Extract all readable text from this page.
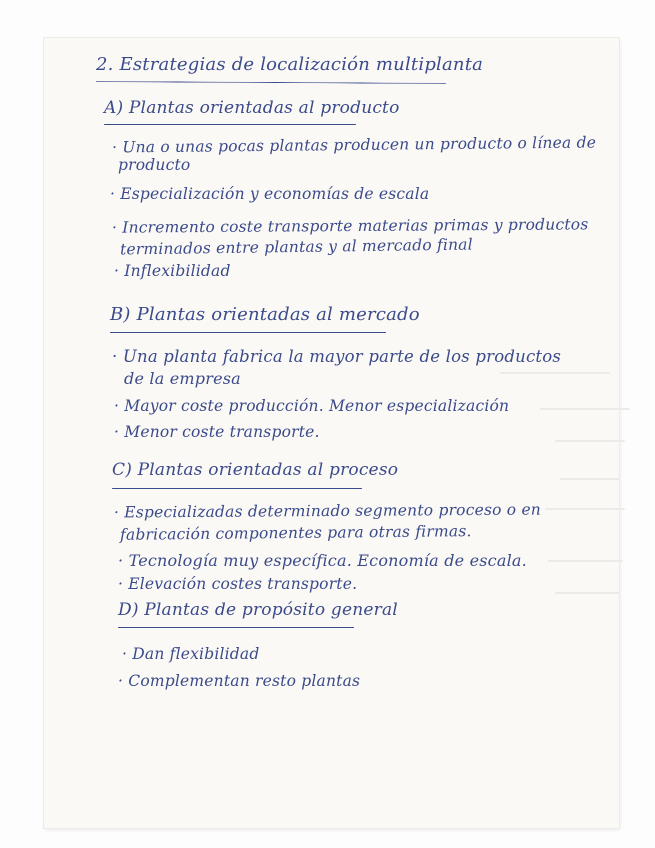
2. Estrategias de localización multiplanta
A) Plantas orientadas al producto
· Una o unas pocas plantas producen un producto o línea de
producto
· Especialización y economías de escala
· Incremento coste transporte materias primas y productos
terminados entre plantas y al mercado final
· Inflexibilidad
B) Plantas orientadas al mercado
· Una planta fabrica la mayor parte de los productos
de la empresa
· Mayor coste producción. Menor especialización
· Menor coste transporte.
C) Plantas orientadas al proceso
· Especializadas determinado segmento proceso o en
fabricación componentes para otras firmas.
· Tecnología muy específica. Economía de escala.
· Elevación costes transporte.
D) Plantas de propósito general
· Dan flexibilidad
· Complementan resto plantas
